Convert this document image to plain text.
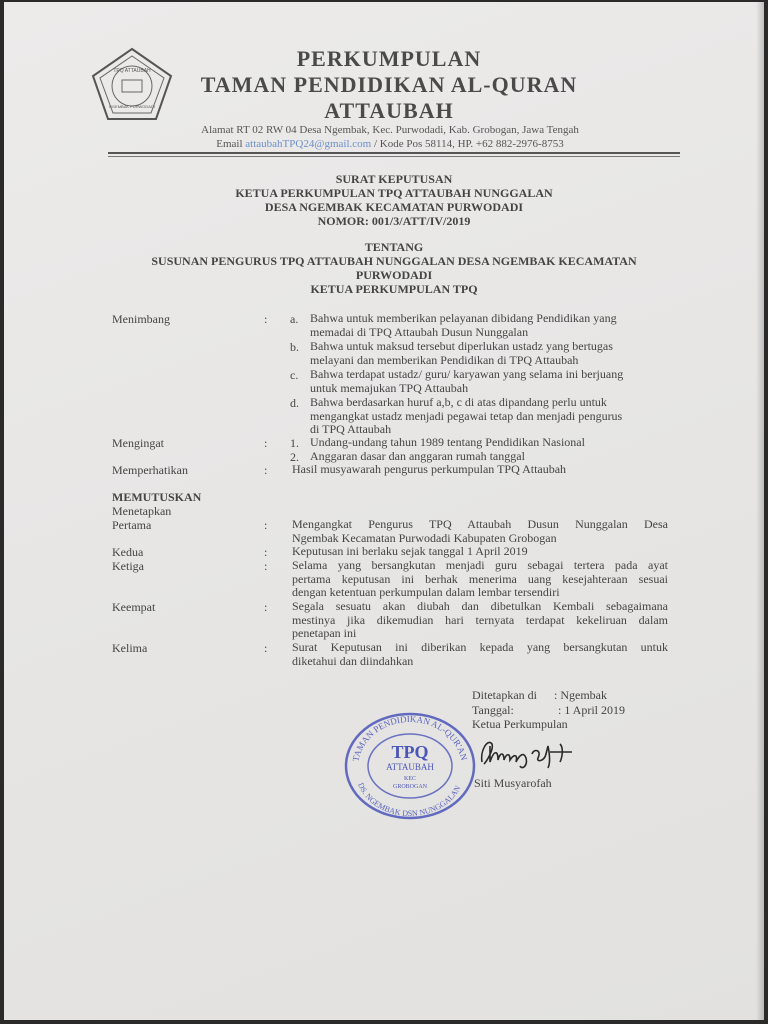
TPQ ATTAUBAH
NGEMBAK PURWODADI
PERKUMPULAN
TAMAN PENDIDIKAN AL-QURAN
ATTAUBAH
Alamat RT 02 RW 04 Desa Ngembak, Kec. Purwodadi, Kab. Grobogan, Jawa Tengah
Email attaubahTPQ24@gmail.com / Kode Pos 58114, HP. +62 882-2976-8753
SURAT KEPUTUSAN
KETUA PERKUMPULAN TPQ ATTAUBAH NUNGGALAN
DESA NGEMBAK KECAMATAN PURWODADI
NOMOR: 001/3/ATT/IV/2019
TENTANG
SUSUNAN PENGURUS TPQ ATTAUBAH NUNGGALAN DESA NGEMBAK KECAMATAN
PURWODADI
KETUA PERKUMPULAN TPQ
Menimbang	: a. Bahwa untuk memberikan pelayanan dibidang Pendidikan yang
memadai di TPQ Attaubah Dusun Nunggalan
b. Bahwa untuk maksud tersebut diperlukan ustadz yang bertugas
melayani dan memberikan Pendidikan di TPQ Attaubah
c. Bahwa terdapat ustadz/ guru/ karyawan yang selama ini berjuang
untuk memajukan TPQ Attaubah
d. Bahwa berdasarkan huruf a,b, c di atas dipandang perlu untuk
mengangkat ustadz menjadi pegawai tetap dan menjadi pengurus
di TPQ Attaubah
Mengingat	: 1. Undang-undang tahun 1989 tentang Pendidikan Nasional
2. Anggaran dasar dan anggaran rumah tanggal
Memperhatikan	: Hasil musyawarah pengurus perkumpulan TPQ Attaubah
MEMUTUSKAN
Menetapkan
Pertama	: Mengangkat Pengurus TPQ Attaubah Dusun Nunggalan Desa
Ngembak Kecamatan Purwodadi Kabupaten Grobogan
Kedua	: Keputusan ini berlaku sejak tanggal 1 April 2019
Ketiga	: Selama yang bersangkutan menjadi guru sebagai tertera pada ayat
pertama keputusan ini berhak menerima uang kesejahteraan sesuai
dengan ketentuan perkumpulan dalam lembar tersendiri
Keempat	: Segala sesuatu akan diubah dan dibetulkan Kembali sebagaimana
mestinya jika dikemudian hari ternyata terdapat kekeliruan dalam
penetapan ini
Kelima	: Surat Keputusan ini diberikan kepada yang bersangkutan untuk
diketahui dan diindahkan
Ditetapkan di : Ngembak
Tanggal:	: 1 April 2019
Ketua Perkumpulan
TAMAN PENDIDIKAN AL-QUR'AN
DS. NGEMBAK DSN NUNGGALAN
TPQ
ATTAUBAH
KEC
GROBOGAN	Siti Musyarofah
